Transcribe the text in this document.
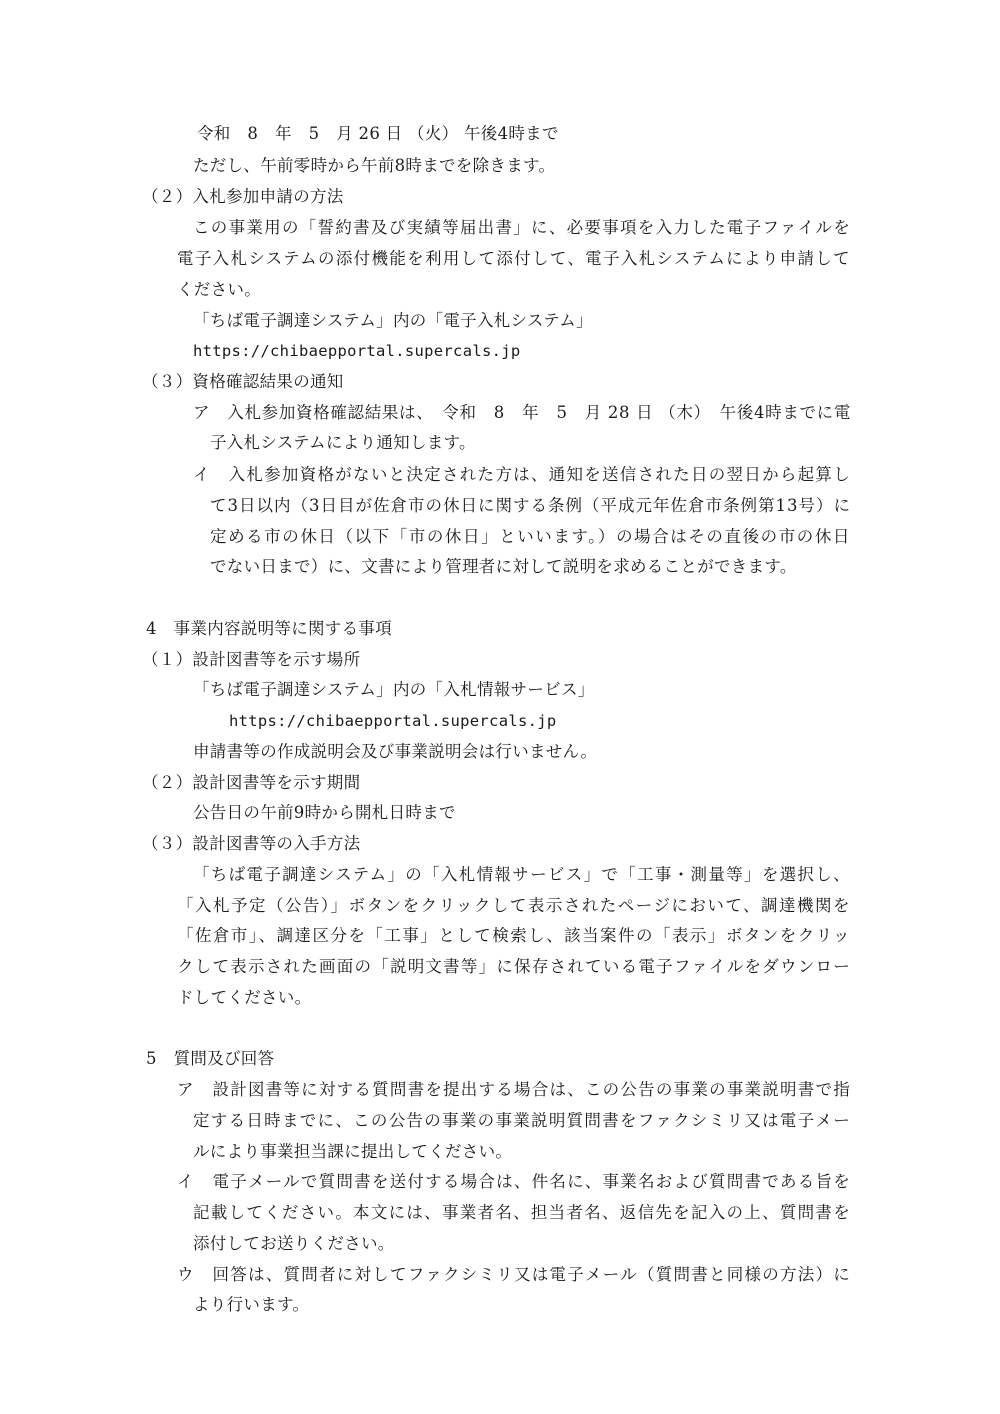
令和　8　年　5　月 26 日 （火） 午後4時まで
ただし、午前零時から午前8時までを除きます。
（２）入札参加申請の方法
この事業用の「誓約書及び実績等届出書」に、必要事項を入力した電子ファイルを
電子入札システムの添付機能を利用して添付して、電子入札システムにより申請して
ください。
「ちば電子調達システム」内の「電子入札システム」
https://chibaepportal.supercals.jp
（３）資格確認結果の通知
ア　入札参加資格確認結果は、　令和　8　年　5　月 28 日 （木）　午後4時までに電
子入札システムにより通知します。
イ　入札参加資格がないと決定された方は、通知を送信された日の翌日から起算し
て3日以内（3日目が佐倉市の休日に関する条例（平成元年佐倉市条例第13号）に
定める市の休日（以下「市の休日」といいます。）の場合はその直後の市の休日
でない日まで）に、文書により管理者に対して説明を求めることができます。
4　事業内容説明等に関する事項
（１）設計図書等を示す場所
「ちば電子調達システム」内の「入札情報サービス」
https://chibaepportal.supercals.jp
申請書等の作成説明会及び事業説明会は行いません。
（２）設計図書等を示す期間
公告日の午前9時から開札日時まで
（３）設計図書等の入手方法
「ちば電子調達システム」の「入札情報サービス」で「工事・測量等」を選択し、
「入札予定（公告）」ボタンをクリックして表示されたページにおいて、調達機関を
「佐倉市」、調達区分を「工事」として検索し、該当案件の「表示」ボタンをクリッ
クして表示された画面の「説明文書等」に保存されている電子ファイルをダウンロー
ドしてください。
5　質問及び回答
ア　設計図書等に対する質問書を提出する場合は、この公告の事業の事業説明書で指
定する日時までに、この公告の事業の事業説明質問書をファクシミリ又は電子メー
ルにより事業担当課に提出してください。
イ　電子メールで質問書を送付する場合は、件名に、事業名および質問書である旨を
記載してください。本文には、事業者名、担当者名、返信先を記入の上、質問書を
添付してお送りください。
ウ　回答は、質問者に対してファクシミリ又は電子メール（質問書と同様の方法）に
より行います。
